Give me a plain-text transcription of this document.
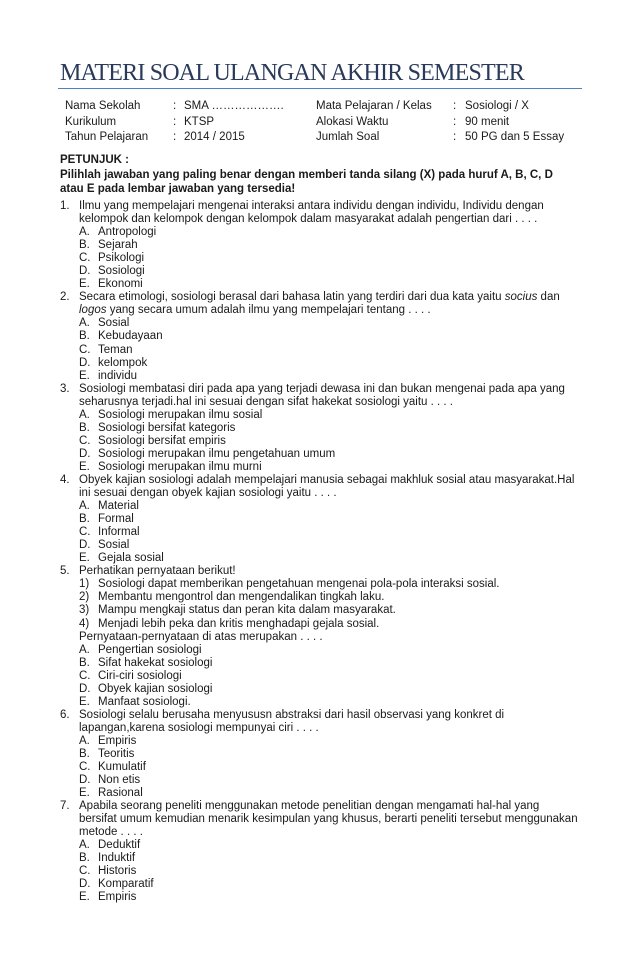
MATERI SOAL ULANGAN AKHIR SEMESTER
Nama Sekolah	: SMA ……………….	Mata Pelajaran / Kelas : Sosiologi / X
Kurikulum	: KTSP	Alokasi Waktu	: 90 menit
Tahun Pelajaran : 2014 / 2015	Jumlah Soal	: 50 PG dan 5 Essay
PETUNJUK :
Pilihlah jawaban yang paling benar dengan memberi tanda silang (X) pada huruf A, B, C, D
atau E pada lembar jawaban yang tersedia!
1. Ilmu yang mempelajari mengenai interaksi antara individu dengan individu, Individu dengan
kelompok dan kelompok dengan kelompok dalam masyarakat adalah pengertian dari . . . .
A. Antropologi
B. Sejarah
C. Psikologi
D. Sosiologi
E. Ekonomi
2. Secara etimologi, sosiologi berasal dari bahasa latin yang terdiri dari dua kata yaitu socius dan
logos yang secara umum adalah ilmu yang mempelajari tentang . . . .
A. Sosial
B. Kebudayaan
C. Teman
D. kelompok
E. individu
3. Sosiologi membatasi diri pada apa yang terjadi dewasa ini dan bukan mengenai pada apa yang
seharusnya terjadi.hal ini sesuai dengan sifat hakekat sosiologi yaitu . . . .
A. Sosiologi merupakan ilmu sosial
B. Sosiologi bersifat kategoris
C. Sosiologi bersifat empiris
D. Sosiologi merupakan ilmu pengetahuan umum
E. Sosiologi merupakan ilmu murni
4. Obyek kajian sosiologi adalah mempelajari manusia sebagai makhluk sosial atau masyarakat.Hal
ini sesuai dengan obyek kajian sosiologi yaitu . . . .
A. Material
B. Formal
C. Informal
D. Sosial
E. Gejala sosial
5. Perhatikan pernyataan berikut!
1) Sosiologi dapat memberikan pengetahuan mengenai pola-pola interaksi sosial.
2) Membantu mengontrol dan mengendalikan tingkah laku.
3) Mampu mengkaji status dan peran kita dalam masyarakat.
4) Menjadi lebih peka dan kritis menghadapi gejala sosial.
Pernyataan-pernyataan di atas merupakan . . . .
A. Pengertian sosiologi
B. Sifat hakekat sosiologi
C. Ciri-ciri sosiologi
D. Obyek kajian sosiologi
E. Manfaat sosiologi.
6. Sosiologi selalu berusaha menyususn abstraksi dari hasil observasi yang konkret di
lapangan,karena sosiologi mempunyai ciri . . . .
A. Empiris
B. Teoritis
C. Kumulatif
D. Non etis
E. Rasional
7. Apabila seorang peneliti menggunakan metode penelitian dengan mengamati hal-hal yang
bersifat umum kemudian menarik kesimpulan yang khusus, berarti peneliti tersebut menggunakan
metode . . . .
A. Deduktif
B. Induktif
C. Historis
D. Komparatif
E. Empiris
